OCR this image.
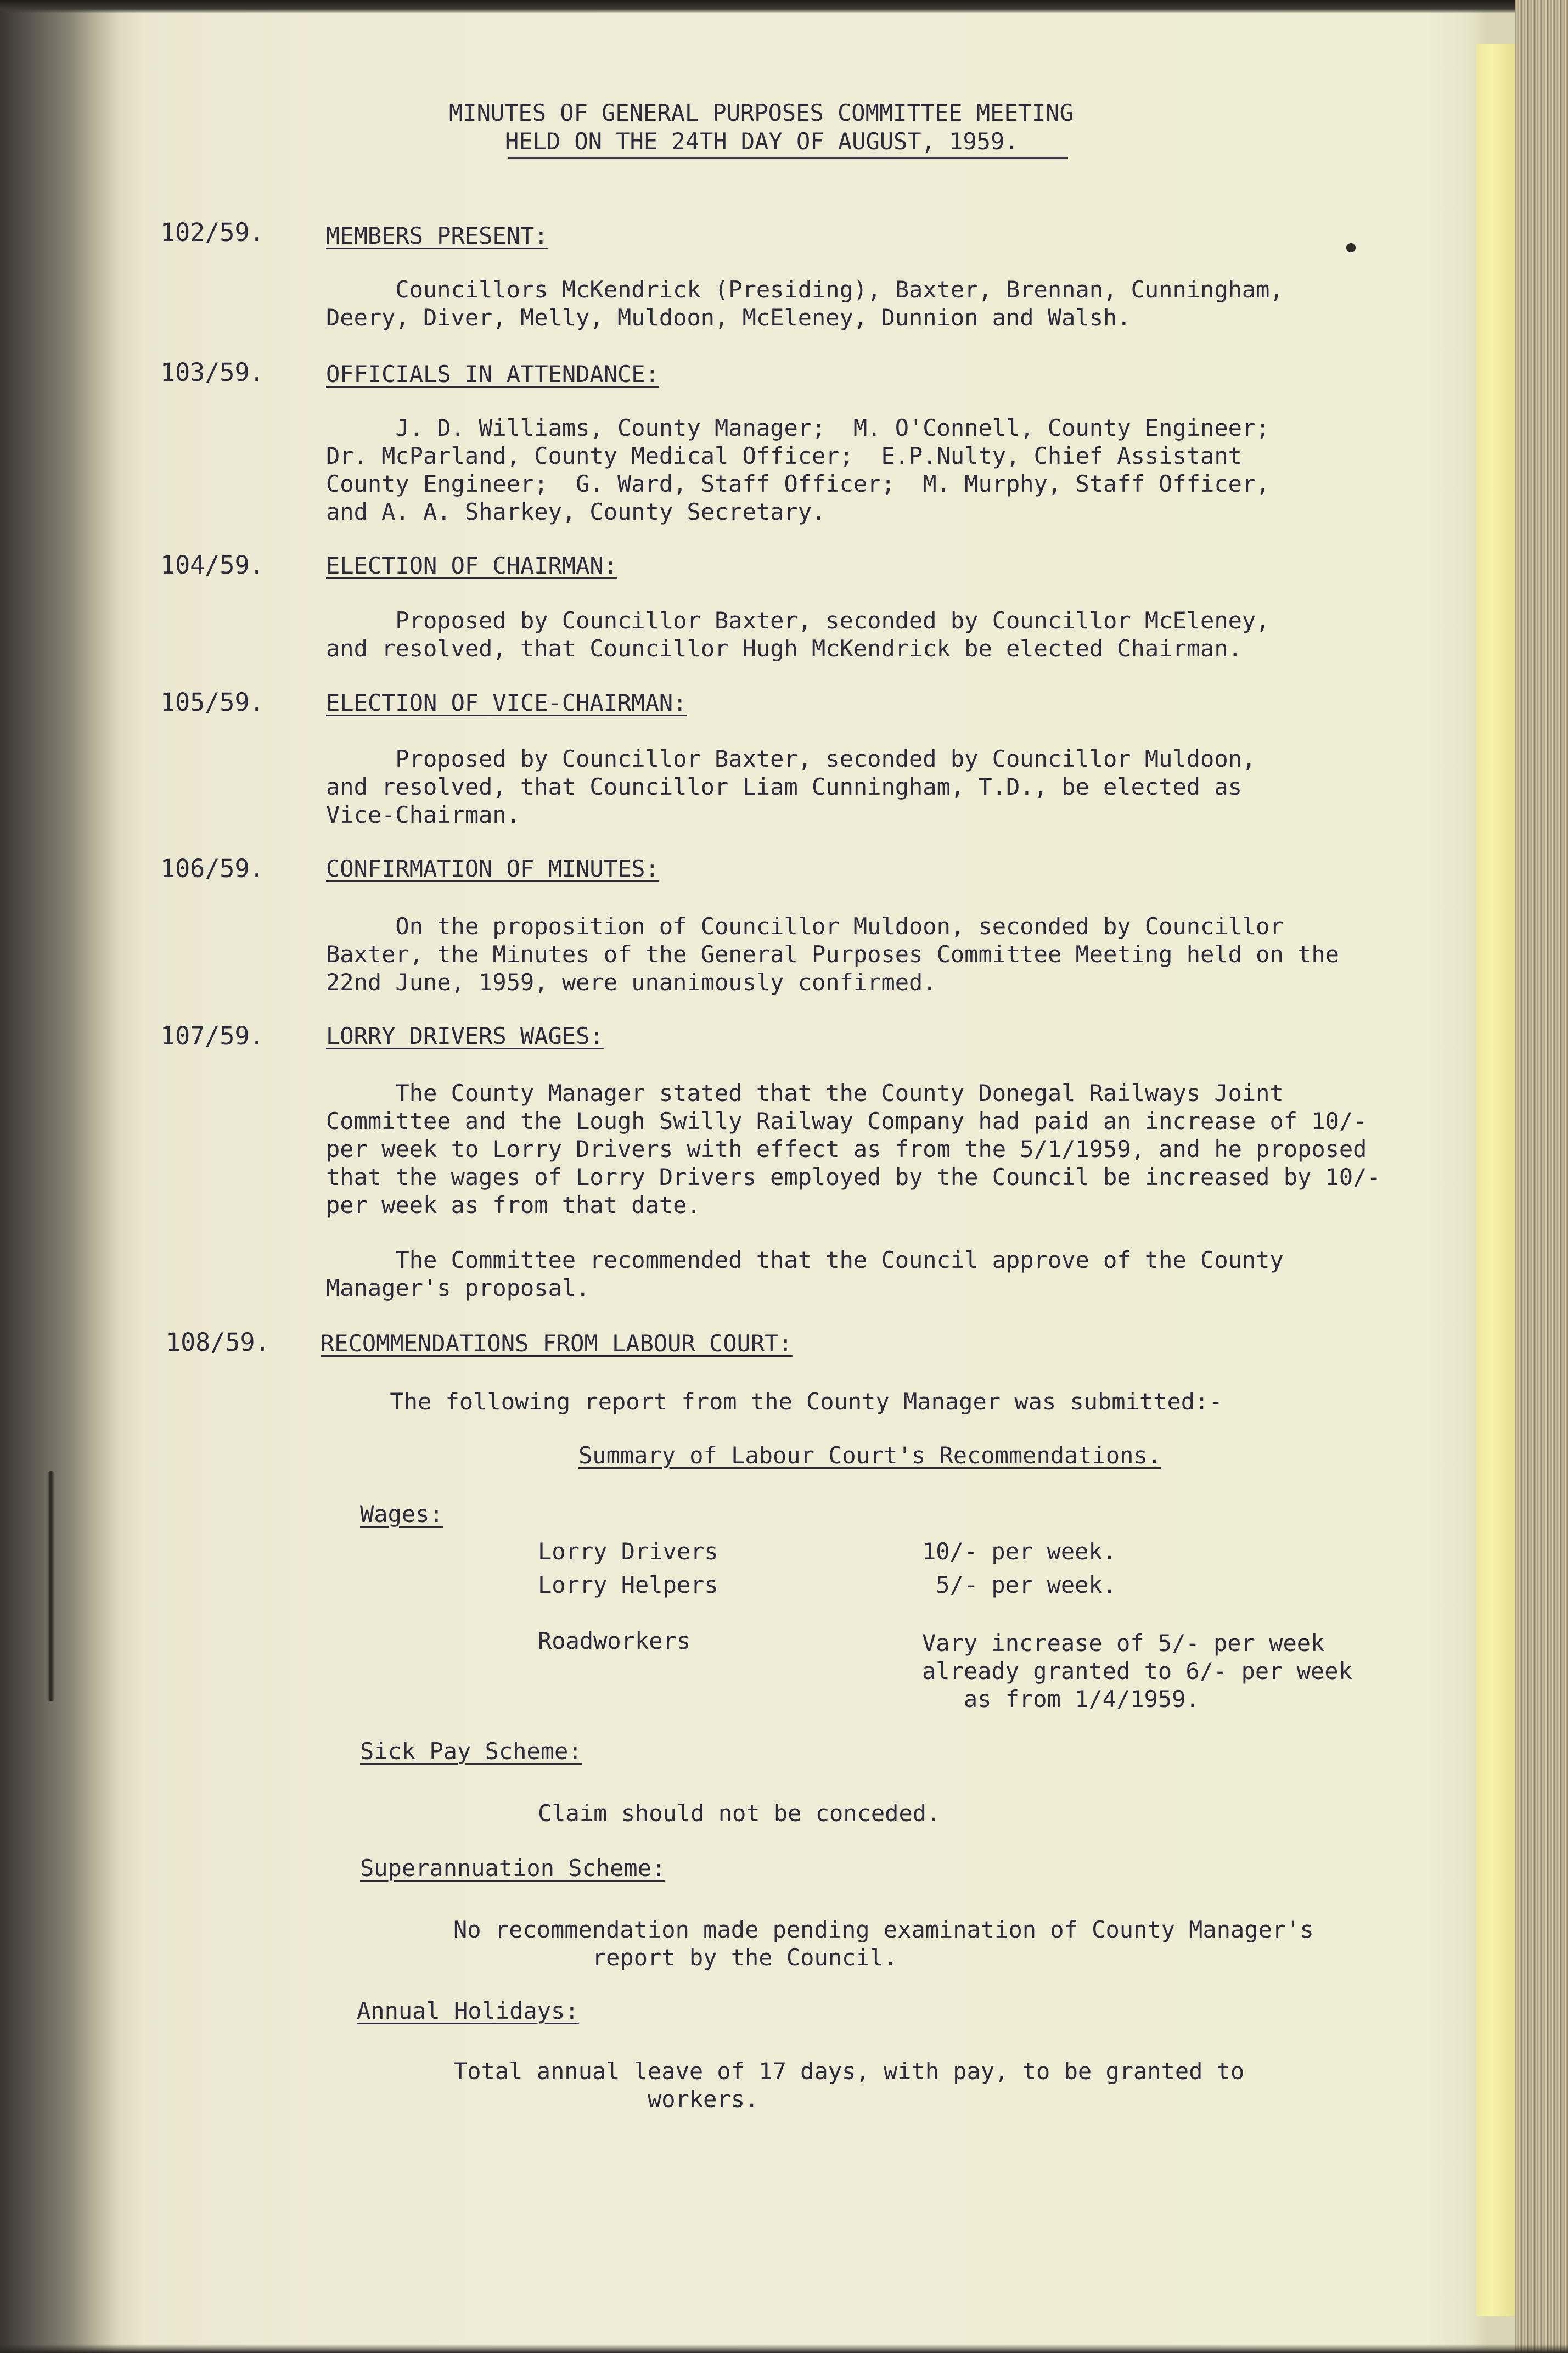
MINUTES OF GENERAL PURPOSES COMMITTEE MEETING

HELD ON THE 24TH DAY OF AUGUST, 1959.

102/59.	MEMBERS PRESENT:

Councillors McKendrick (Presiding), Baxter, Brennan, Cunningham,

Deery, Diver, Melly, Muldoon, McEleney, Dunnion and Walsh.

103/59.	OFFICIALS IN ATTENDANCE:

J. D. Williams, County Manager;  M. O'Connell, County Engineer;

Dr. McParland, County Medical Officer;  E.P.Nulty, Chief Assistant

County Engineer;  G. Ward, Staff Officer;  M. Murphy, Staff Officer,

and A. A. Sharkey, County Secretary.

104/59.	ELECTION OF CHAIRMAN:

Proposed by Councillor Baxter, seconded by Councillor McEleney,

and resolved, that Councillor Hugh McKendrick be elected Chairman.

105/59.	ELECTION OF VICE-CHAIRMAN:

Proposed by Councillor Baxter, seconded by Councillor Muldoon,

and resolved, that Councillor Liam Cunningham, T.D., be elected as

Vice-Chairman.

106/59.	CONFIRMATION OF MINUTES:

On the proposition of Councillor Muldoon, seconded by Councillor

Baxter, the Minutes of the General Purposes Committee Meeting held on the

22nd June, 1959, were unanimously confirmed.

107/59.	LORRY DRIVERS WAGES:

The County Manager stated that the County Donegal Railways Joint

Committee and the Lough Swilly Railway Company had paid an increase of 10/-

per week to Lorry Drivers with effect as from the 5/1/1959, and he proposed

that the wages of Lorry Drivers employed by the Council be increased by 10/-

per week as from that date.

The Committee recommended that the Council approve of the County

Manager's proposal.

108/59. RECOMMENDATIONS FROM LABOUR COURT:

The following report from the County Manager was submitted:-

Summary of Labour Court's Recommendations.

Wages:

Lorry Drivers	10/- per week.

Lorry Helpers	5/- per week.

Roadworkers	Vary increase of 5/- per week

already granted to 6/- per week

as from 1/4/1959.

Sick Pay Scheme:

Claim should not be conceded.

Superannuation Scheme:

No recommendation made pending examination of County Manager's

report by the Council.

Annual Holidays:

Total annual leave of 17 days, with pay, to be granted to

workers.
